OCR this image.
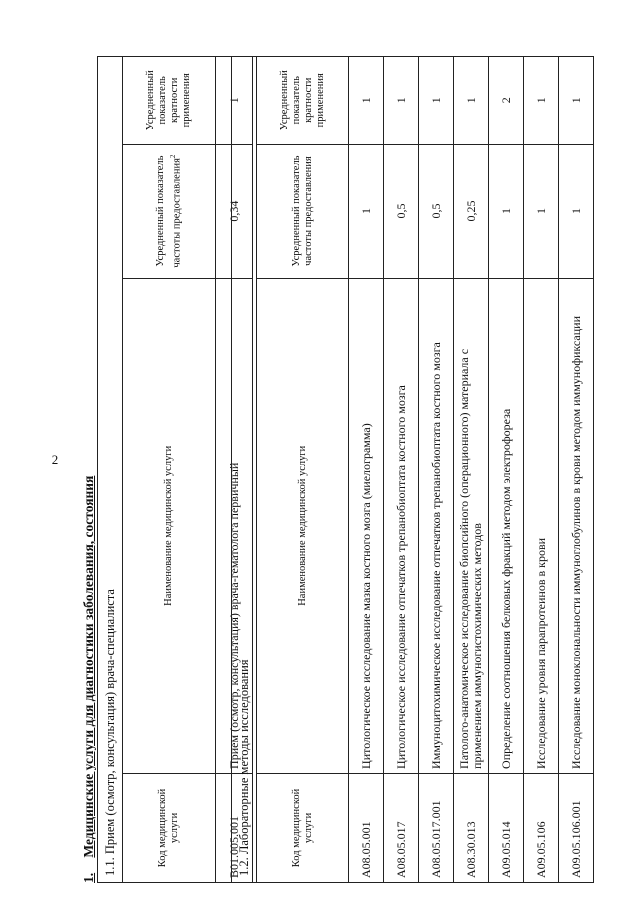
2
1. Медицинские услуги для диагностики заболевания, состояния 1.1. Прием (осмотр, консультация) врача-специалиста			
Код медицинской услуги	Наименование медицинской услуги	Усредненный показатель частоты предоставления$^2$	Усредненный показатель кратности применения
B01.005.001	Прием (осмотр, консультация) врача-гематолога первичный	0,34	1
1.2. Лабораторные методы исследования			
Код медицинской услуги	Наименование медицинской услуги	Усредненный показатель частоты предоставления	Усредненный показатель кратности применения
A08.05.001	Цитологическое исследование мазка костного мозга (миелограмма)	1	1
A08.05.017	Цитологическое исследование отпечатков трепанобиоптата костного мозга	0,5	1
A08.05.017.001	Иммуноцитохимическое исследование отпечатков трепанобиоптата костного мозга	0,5	1
A08.30.013	Патолого-анатомическое исследование биопсийного (операционного) материала с применением иммуногистохимических методов	0,25	1
A09.05.014	Определение соотношения белковых фракций методом электрофореза	1	2
A09.05.106	Исследование уровня парапротеинов в крови	1	1
A09.05.106.001	Исследование моноклональности иммуноглобулинов в крови методом иммунофиксации	1	1
